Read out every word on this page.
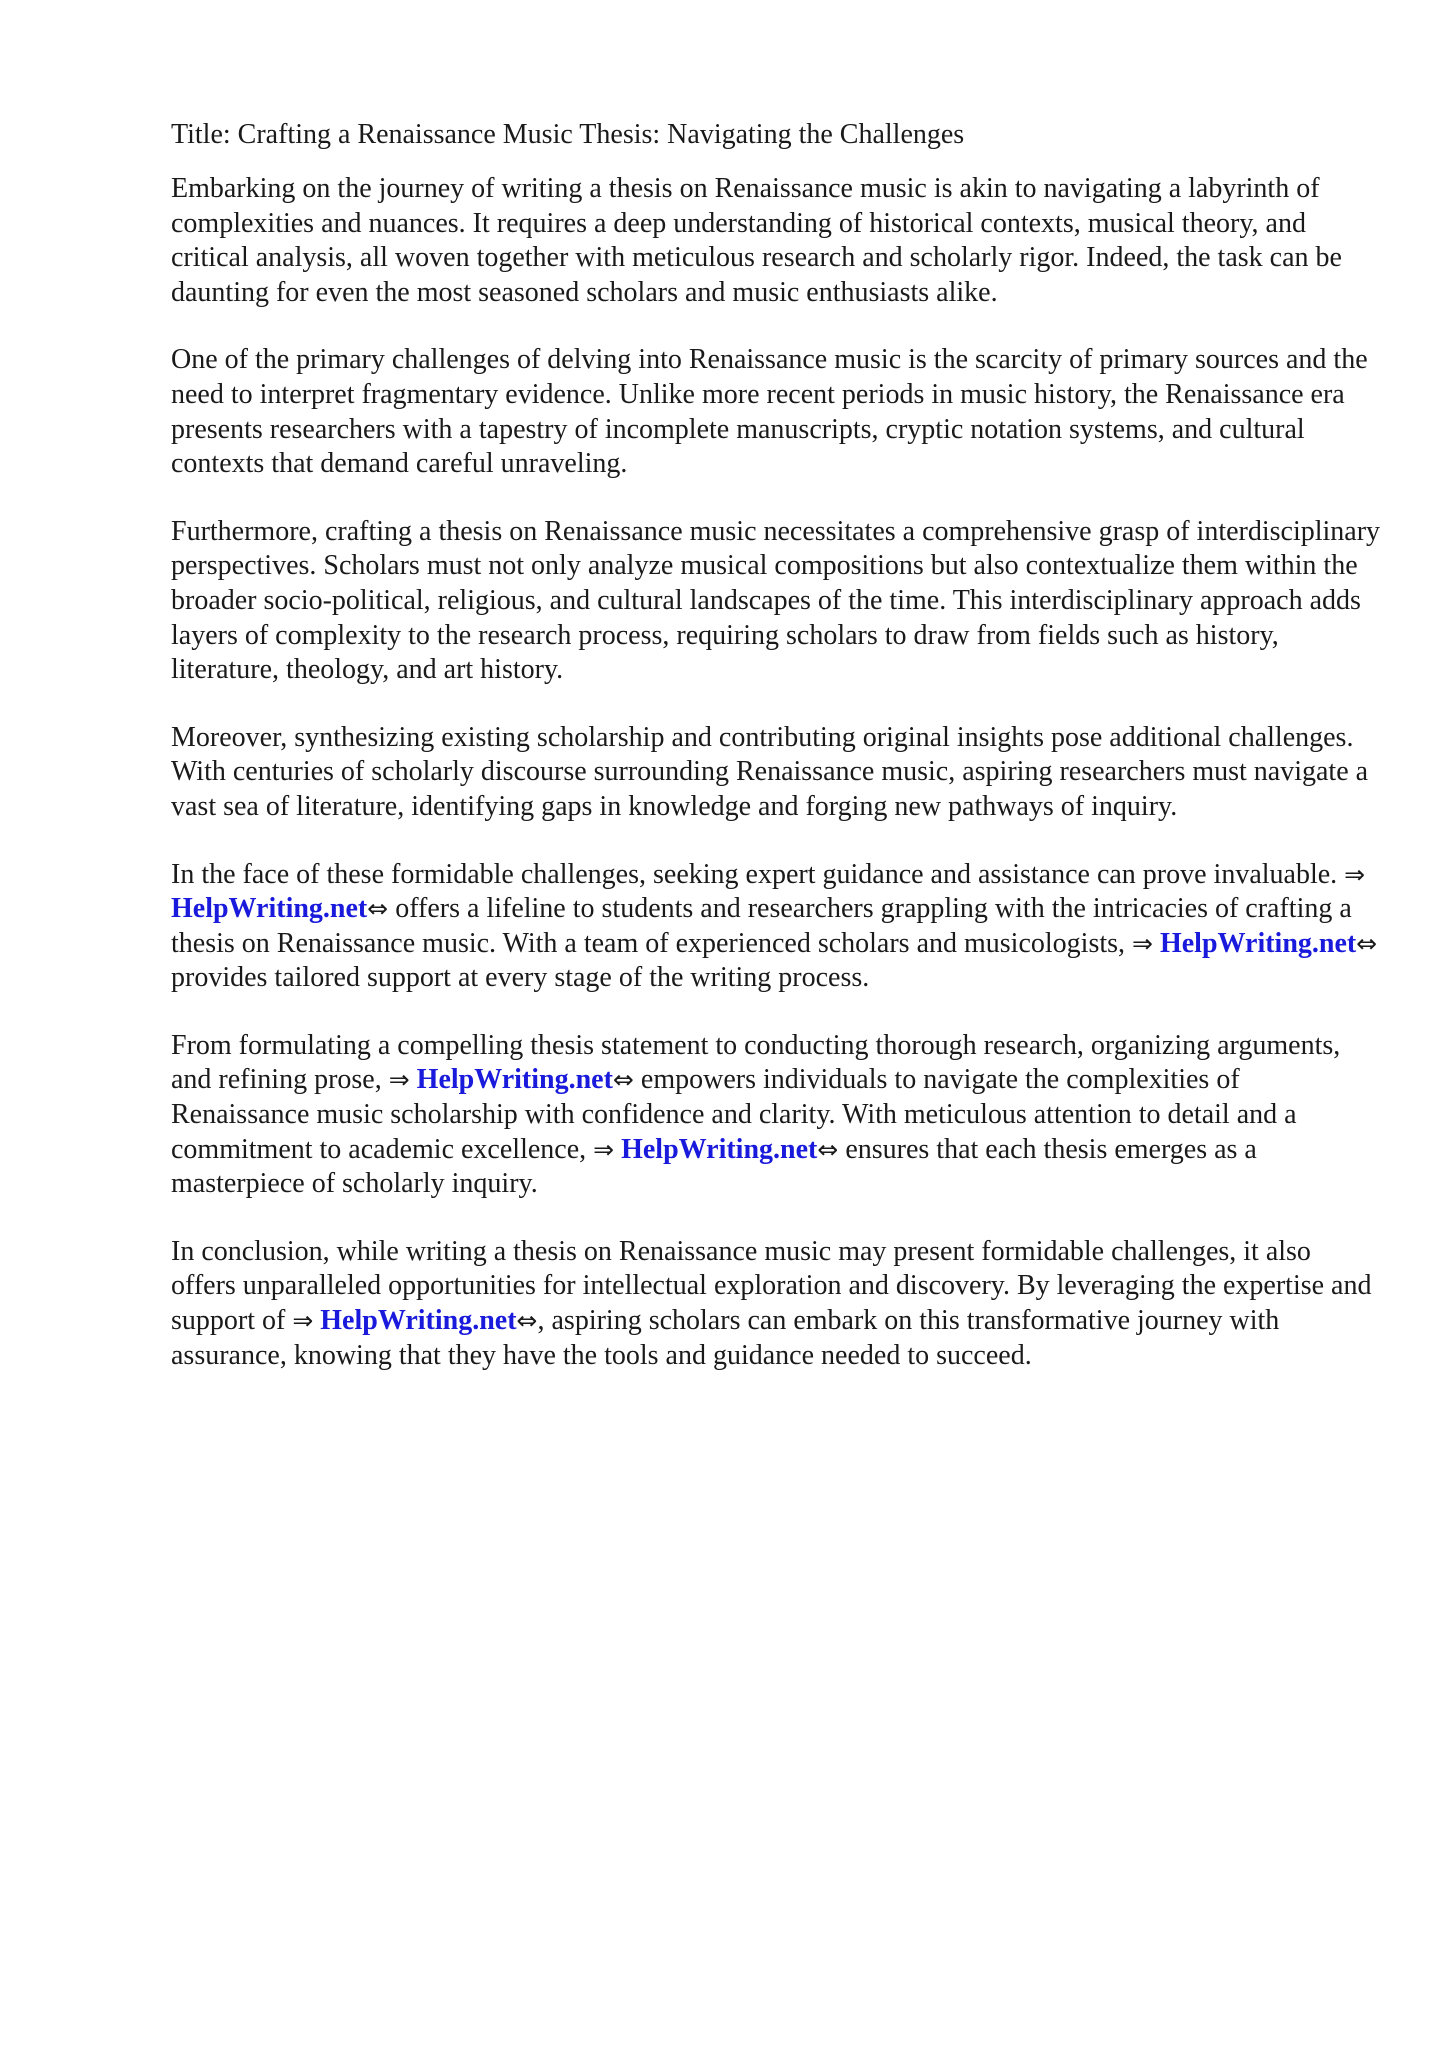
Title: Crafting a Renaissance Music Thesis: Navigating the Challenges

Embarking on the journey of writing a thesis on Renaissance music is akin to navigating a labyrinth of complexities and nuances. It requires a deep understanding of historical contexts, musical theory, and critical analysis, all woven together with meticulous research and scholarly rigor. Indeed, the task can be daunting for even the most seasoned scholars and music enthusiasts alike.

One of the primary challenges of delving into Renaissance music is the scarcity of primary sources and the need to interpret fragmentary evidence. Unlike more recent periods in music history, the Renaissance era presents researchers with a tapestry of incomplete manuscripts, cryptic notation systems, and cultural contexts that demand careful unraveling.

Furthermore, crafting a thesis on Renaissance music necessitates a comprehensive grasp of interdisciplinary perspectives. Scholars must not only analyze musical compositions but also contextualize them within the broader socio-political, religious, and cultural landscapes of the time. This interdisciplinary approach adds layers of complexity to the research process, requiring scholars to draw from fields such as history, literature, theology, and art history.

Moreover, synthesizing existing scholarship and contributing original insights pose additional challenges. With centuries of scholarly discourse surrounding Renaissance music, aspiring researchers must navigate a vast sea of literature, identifying gaps in knowledge and forging new pathways of inquiry.

In the face of these formidable challenges, seeking expert guidance and assistance can prove invaluable. ⇒ HelpWriting.net⇔ offers a lifeline to students and researchers grappling with the intricacies of crafting a thesis on Renaissance music. With a team of experienced scholars and musicologists, ⇒ HelpWriting.net⇔ provides tailored support at every stage of the writing process.

From formulating a compelling thesis statement to conducting thorough research, organizing arguments, and refining prose, ⇒ HelpWriting.net⇔ empowers individuals to navigate the complexities of Renaissance music scholarship with confidence and clarity. With meticulous attention to detail and a commitment to academic excellence, ⇒ HelpWriting.net⇔ ensures that each thesis emerges as a masterpiece of scholarly inquiry.

In conclusion, while writing a thesis on Renaissance music may present formidable challenges, it also offers unparalleled opportunities for intellectual exploration and discovery. By leveraging the expertise and support of ⇒ HelpWriting.net⇔, aspiring scholars can embark on this transformative journey with assurance, knowing that they have the tools and guidance needed to succeed.
